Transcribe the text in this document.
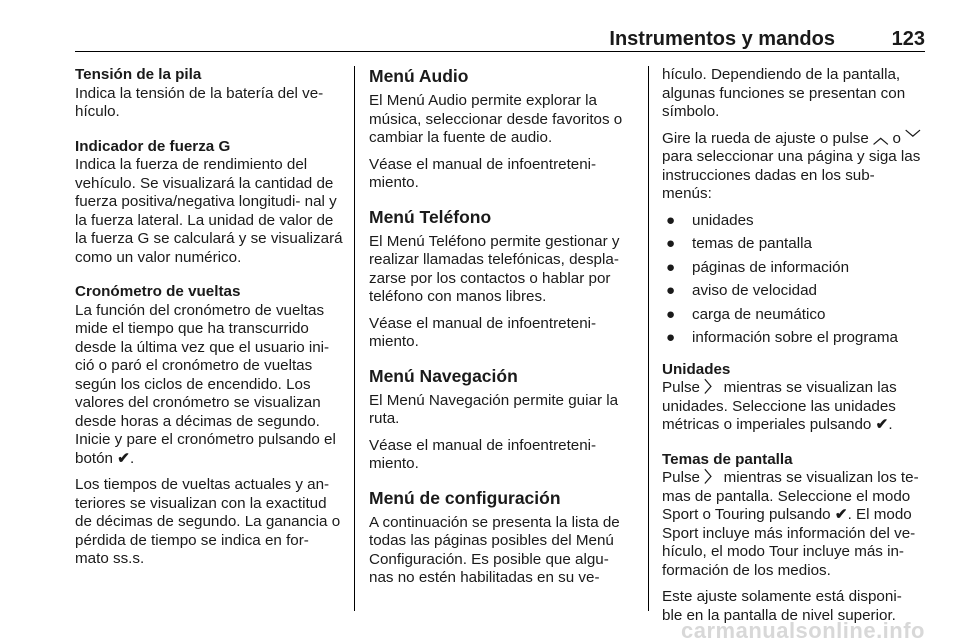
Instrumentos y mandos	123
Tensión de la pila

Indica la tensión de la batería del ve- hículo.

Indicador de fuerza G

Indica la fuerza de rendimiento del vehículo. Se visualizará la cantidad de fuerza positiva/negativa longitudi- nal y la fuerza lateral. La unidad de valor de la fuerza G se calculará y se visualizará como un valor numérico.

Cronómetro de vueltas

La función del cronómetro de vueltas mide el tiempo que ha transcurrido desde la última vez que el usuario ini- ció o paró el cronómetro de vueltas según los ciclos de encendido. Los valores del cronómetro se visualizan desde horas a décimas de segundo. Inicie y pare el cronómetro pulsando el botón ✔.

Los tiempos de vueltas actuales y an- teriores se visualizan con la exactitud de décimas de segundo. La ganancia o pérdida de tiempo se indica en for- mato ss.s.

Menú Audio

El Menú Audio permite explorar la música, seleccionar desde favoritos o cambiar la fuente de audio.

Véase el manual de infoentreteni- miento.

Menú Teléfono

El Menú Teléfono permite gestionar y realizar llamadas telefónicas, despla- zarse por los contactos o hablar por teléfono con manos libres.

Véase el manual de infoentreteni- miento.

Menú Navegación

El Menú Navegación permite guiar la ruta.

Véase el manual de infoentreteni- miento.

Menú de configuración

A continuación se presenta la lista de todas las páginas posibles del Menú Configuración. Es posible que algu- nas no estén habilitadas en su ve-

hículo. Dependiendo de la pantalla, algunas funciones se presentan con símbolo.

Gire la rueda de ajuste o pulse ︿ o ﹀ para seleccionar una página y siga las instrucciones dadas en los sub- menús:

● unidades
● temas de pantalla
● páginas de información
● aviso de velocidad
● carga de neumático
● información sobre el programa
Unidades

Pulse 〉 mientras se visualizan las unidades. Seleccione las unidades métricas o imperiales pulsando ✔.

Temas de pantalla

Pulse 〉 mientras se visualizan los te- mas de pantalla. Seleccione el modo Sport o Touring pulsando ✔. El modo Sport incluye más información del ve- hículo, el modo Tour incluye más in- formación de los medios.

Este ajuste solamente está disponi- ble en la pantalla de nivel superior.

carmanualsonline.info
